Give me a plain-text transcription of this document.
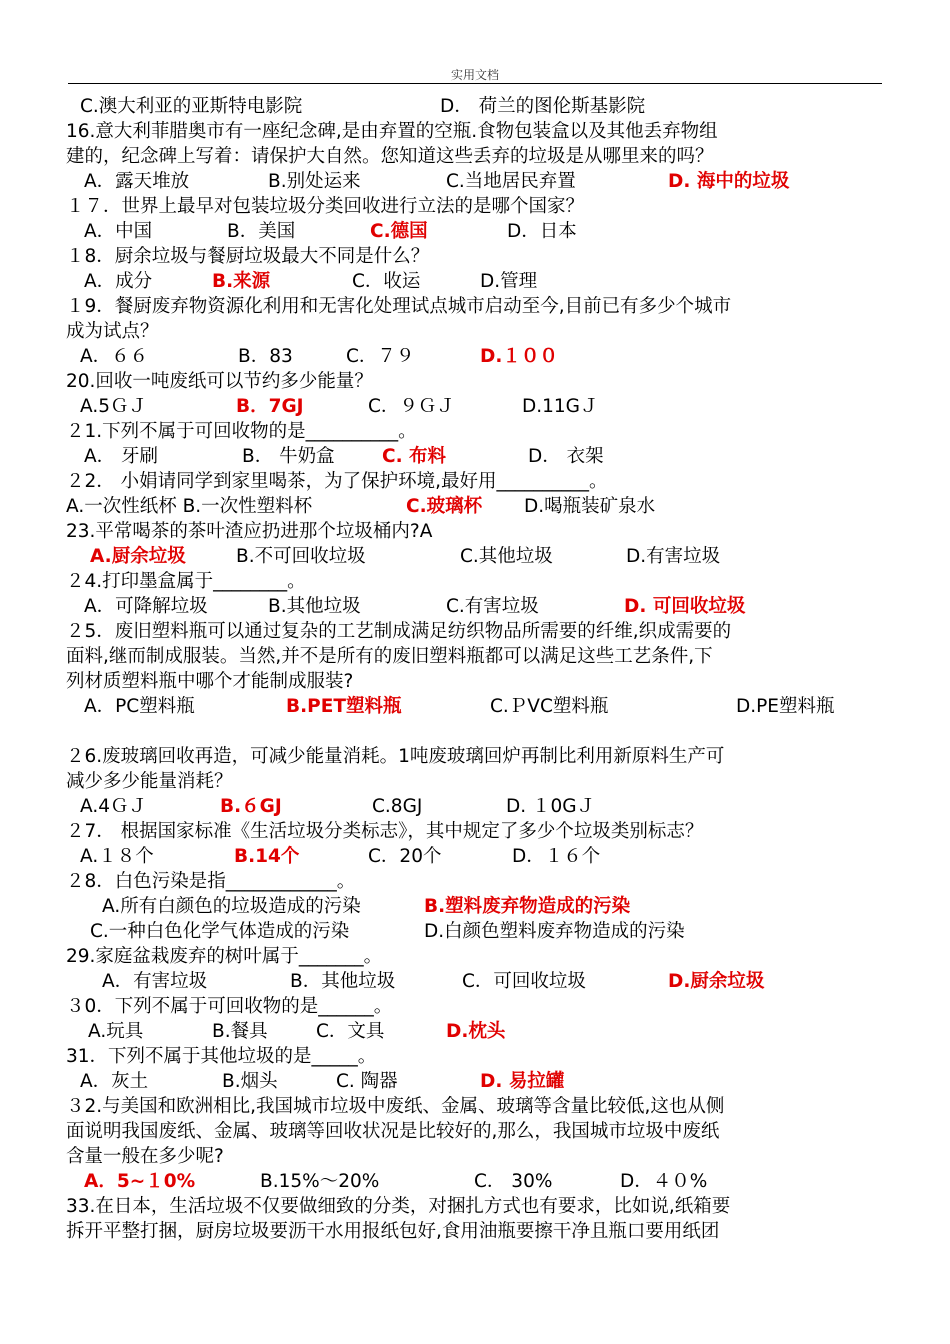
实用文档
C.澳大利亚的亚斯特电影院	D． 荷兰的图伦斯基影院
16.意大利菲腊奥市有一座纪念碑,是由弃置的空瓶.食物包装盒以及其他丢弃物组
建的，纪念碑上写着：请保护大自然。您知道这些丢弃的垃圾是从哪里来的吗？
A．露天堆放	B.别处运来	C.当地居民弃置	D. 海中的垃圾
１７．世界上最早对包装垃圾分类回收进行立法的是哪个国家？
A．中国	B．美国	C.德国	D．日本
１8．厨余垃圾与餐厨垃圾最大不同是什么？
A．成分	B.来源	C．收运	D.管理
１9．餐厨废弃物资源化利用和无害化处理试点城市启动至今,目前已有多少个城市
成为试点？
A．６６	B．83	C．７９	D.１００
20.回收一吨废纸可以节约多少能量？
A.5ＧＪ	B．7GJ	C．９ＧＪ	D.11GＪ
２1.下列不属于可回收物的是__________。
A． 牙刷	B． 牛奶盒	C. 布料	D． 衣架
２2． 小娟请同学到家里喝茶，为了保护环境,最好用__________。
A.一次性纸杯 B.一次性塑料杯	C.玻璃杯 D.喝瓶装矿泉水
23.平常喝茶的茶叶渣应扔进那个垃圾桶内?A
A.厨余垃圾	B.不可回收垃圾	C.其他垃圾	D.有害垃圾
２4.打印墨盒属于________。
A．可降解垃圾	B.其他垃圾	C.有害垃圾	D. 可回收垃圾
２5．废旧塑料瓶可以通过复杂的工艺制成满足纺织物品所需要的纤维,织成需要的
面料,继而制成服装。当然,并不是所有的废旧塑料瓶都可以满足这些工艺条件,下
列材质塑料瓶中哪个才能制成服装?
A．PC塑料瓶	B.PET塑料瓶	C.ＰVC塑料瓶	D.PE塑料瓶
２6.废玻璃回收再造，可减少能量消耗。1吨废玻璃回炉再制比利用新原料生产可
减少多少能量消耗？
A.4ＧＪ	B.６GJ	C.8GJ	D. １0GＪ
２7． 根据国家标准《生活垃圾分类标志》，其中规定了多少个垃圾类别标志？
A.１８个	B.14个	C．20个	D．１６个
２8．白色污染是指____________。
A.所有白颜色的垃圾造成的污染	B.塑料废弃物造成的污染
C.一种白色化学气体造成的污染	D.白颜色塑料废弃物造成的污染
29.家庭盆栽废弃的树叶属于_______。
A．有害垃圾	B．其他垃圾	C．可回收垃圾	D.厨余垃圾
３0．下列不属于可回收物的是______。
A.玩具	B.餐具	C．文具	D.枕头
31．下列不属于其他垃圾的是_____。
A．灰土	B.烟头	C. 陶器	D. 易拉罐
３2.与美国和欧洲相比,我国城市垃圾中废纸、金属、玻璃等含量比较低,这也从侧
面说明我国废纸、金属、玻璃等回收状况是比较好的,那么，我国城市垃圾中废纸
含量一般在多少呢?
A．5~１0%	B.15%～20%	C． 30%	D．４０%
33.在日本，生活垃圾不仅要做细致的分类，对捆扎方式也有要求，比如说,纸箱要
拆开平整打捆，厨房垃圾要沥干水用报纸包好,食用油瓶要擦干净且瓶口要用纸团
